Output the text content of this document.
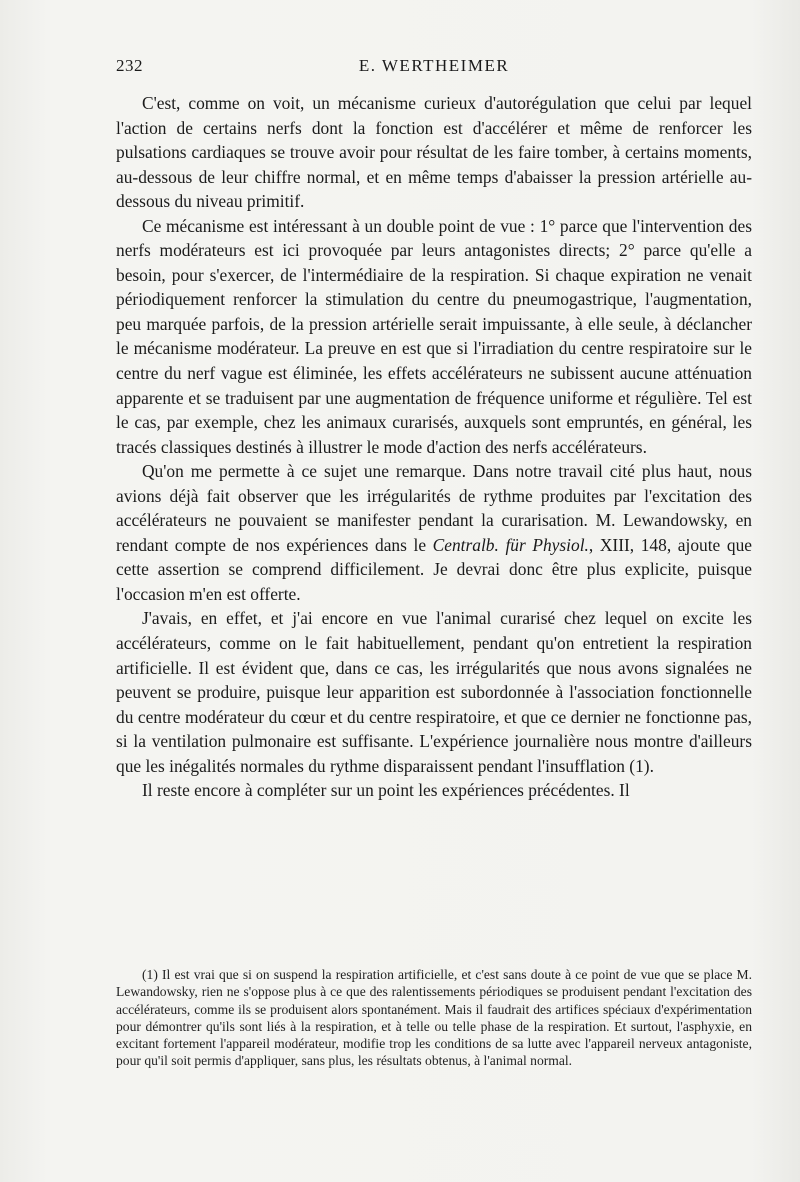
232	E. WERTHEIMER

C'est, comme on voit, un mécanisme curieux d'autorégulation que celui par lequel l'action de certains nerfs dont la fonction est d'accélérer et même de renforcer les pulsations cardiaques se trouve avoir pour résultat de les faire tomber, à certains moments, au-dessous de leur chiffre normal, et en même temps d'abaisser la pression artérielle au-dessous du niveau primitif.

Ce mécanisme est intéressant à un double point de vue : 1° parce que l'intervention des nerfs modérateurs est ici provoquée par leurs antagonistes directs; 2° parce qu'elle a besoin, pour s'exercer, de l'intermédiaire de la respiration. Si chaque expiration ne venait périodiquement renforcer la stimulation du centre du pneumogastrique, l'augmentation, peu marquée parfois, de la pression artérielle serait impuissante, à elle seule, à déclancher le mécanisme modérateur. La preuve en est que si l'irradiation du centre respiratoire sur le centre du nerf vague est éliminée, les effets accélérateurs ne subissent aucune atténuation apparente et se traduisent par une augmentation de fréquence uniforme et régulière. Tel est le cas, par exemple, chez les animaux curarisés, auxquels sont empruntés, en général, les tracés classiques destinés à illustrer le mode d'action des nerfs accélérateurs.

Qu'on me permette à ce sujet une remarque. Dans notre travail cité plus haut, nous avions déjà fait observer que les irrégularités de rythme produites par l'excitation des accélérateurs ne pouvaient se manifester pendant la curarisation. M. Lewandowsky, en rendant compte de nos expériences dans le Centralb. für Physiol., XIII, 148, ajoute que cette assertion se comprend difficilement. Je devrai donc être plus explicite, puisque l'occasion m'en est offerte.

J'avais, en effet, et j'ai encore en vue l'animal curarisé chez lequel on excite les accélérateurs, comme on le fait habituellement, pendant qu'on entretient la respiration artificielle. Il est évident que, dans ce cas, les irrégularités que nous avons signalées ne peuvent se produire, puisque leur apparition est subordonnée à l'association fonctionnelle du centre modérateur du cœur et du centre respiratoire, et que ce dernier ne fonctionne pas, si la ventilation pulmonaire est suffisante. L'expérience journalière nous montre d'ailleurs que les inégalités normales du rythme disparaissent pendant l'insufflation (1).

Il reste encore à compléter sur un point les expériences précédentes. Il

(1) Il est vrai que si on suspend la respiration artificielle, et c'est sans doute à ce point de vue que se place M. Lewandowsky, rien ne s'oppose plus à ce que des ralentissements périodiques se produisent pendant l'excitation des accélérateurs, comme ils se produisent alors spontanément. Mais il faudrait des artifices spéciaux d'expérimentation pour démontrer qu'ils sont liés à la respiration, et à telle ou telle phase de la respiration. Et surtout, l'asphyxie, en excitant fortement l'appareil modérateur, modifie trop les conditions de sa lutte avec l'appareil nerveux antagoniste, pour qu'il soit permis d'appliquer, sans plus, les résultats obtenus, à l'animal normal.
